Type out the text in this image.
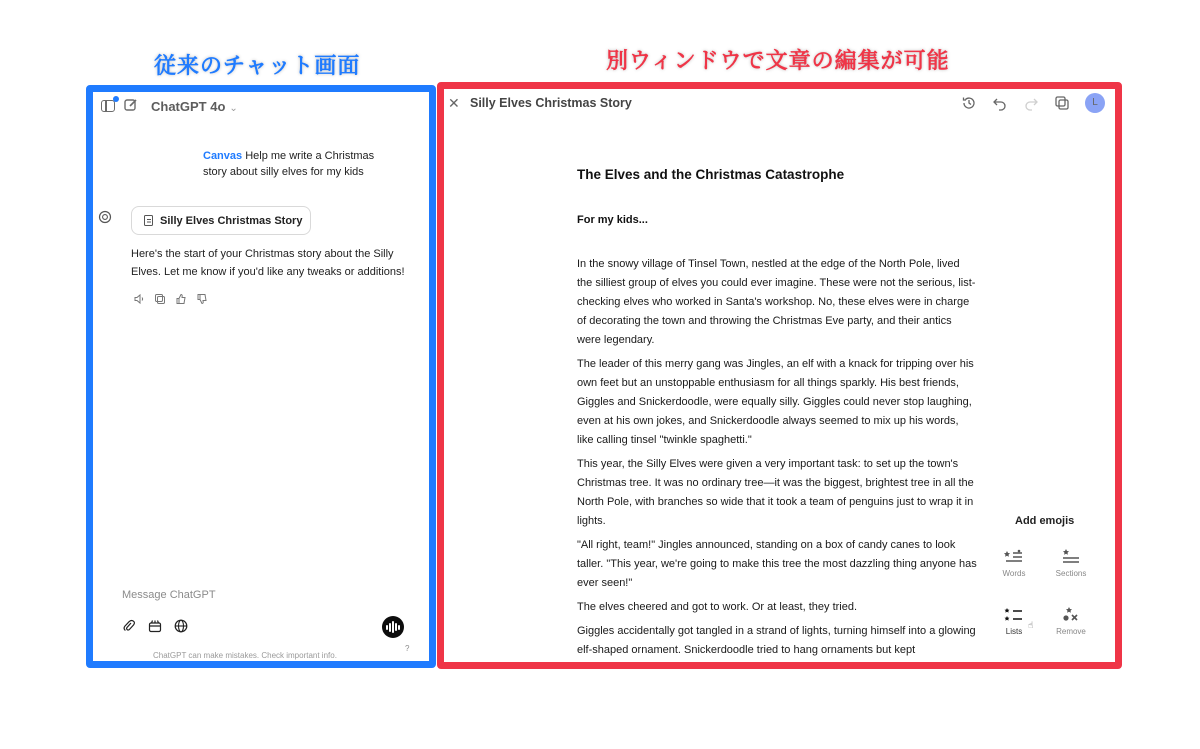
従来のチャット画面	別ウィンドウで文章の編集が可能
ChatGPT 4o ⌄
Canvas Help me write a Christmas story about silly elves for my kids
Silly Elves Christmas Story
Here's the start of your Christmas story about the Silly Elves. Let me know if you'd like any tweaks or additions!
Message ChatGPT
ChatGPT can make mistakes. Check important info.
?
✕ Silly Elves Christmas Story	L
The Elves and the Christmas Catastrophe
For my kids...

In the snowy village of Tinsel Town, nestled at the edge of the North Pole, lived the silliest group of elves you could ever imagine. These were not the serious, list-checking elves who worked in Santa's workshop. No, these elves were in charge of decorating the town and throwing the Christmas Eve party, and their antics were legendary.

The leader of this merry gang was Jingles, an elf with a knack for tripping over his own feet but an unstoppable enthusiasm for all things sparkly. His best friends, Giggles and Snickerdoodle, were equally silly. Giggles could never stop laughing, even at his own jokes, and Snickerdoodle always seemed to mix up his words, like calling tinsel "twinkle spaghetti."

This year, the Silly Elves were given a very important task: to set up the town's Christmas tree. It was no ordinary tree—it was the biggest, brightest tree in all the North Pole, with branches so wide that it took a team of penguins just to wrap it in lights.

"All right, team!" Jingles announced, standing on a box of candy canes to look taller. "This year, we're going to make this tree the most dazzling thing anyone has ever seen!"

The elves cheered and got to work. Or at least, they tried.

Giggles accidentally got tangled in a strand of lights, turning himself into a glowing elf-shaped ornament. Snickerdoodle tried to hang ornaments but kept

Add emojis
Words	Sections
Lists	Remove
☝
